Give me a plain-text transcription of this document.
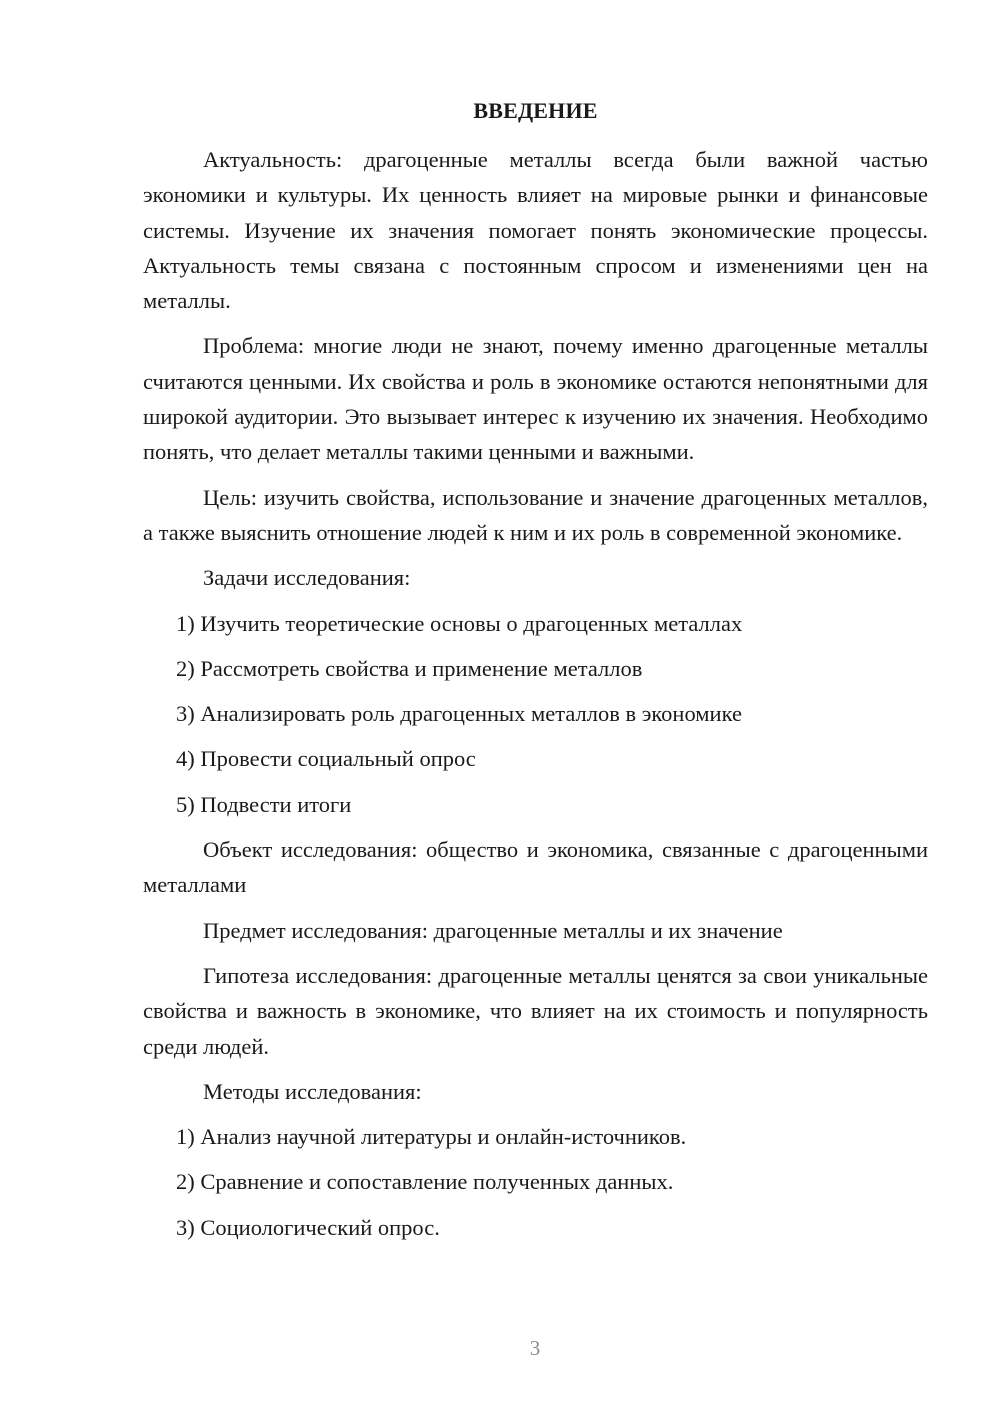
ВВЕДЕНИЕ

Актуальность: драгоценные металлы всегда были важной частью экономики и культуры. Их ценность влияет на мировые рынки и финансовые системы. Изучение их значения помогает понять экономические процессы. Актуальность темы связана с постоянным спросом и изменениями цен на металлы.

Проблема: многие люди не знают, почему именно драгоценные металлы считаются ценными. Их свойства и роль в экономике остаются непонятными для широкой аудитории. Это вызывает интерес к изучению их значения. Необходимо понять, что делает металлы такими ценными и важными.

Цель: изучить свойства, использование и значение драгоценных металлов, а также выяснить отношение людей к ним и их роль в современной экономике.

Задачи исследования:

1) Изучить теоретические основы о драгоценных металлах

2) Рассмотреть свойства и применение металлов

3) Анализировать роль драгоценных металлов в экономике

4) Провести социальный опрос

5) Подвести итоги

Объект исследования: общество и экономика, связанные с драгоценными металлами

Предмет исследования: драгоценные металлы и их значение

Гипотеза исследования: драгоценные металлы ценятся за свои уникальные свойства и важность в экономике, что влияет на их стоимость и популярность среди людей.

Методы исследования:

1) Анализ научной литературы и онлайн-источников.

2) Сравнение и сопоставление полученных данных.

3) Социологический опрос.

3
